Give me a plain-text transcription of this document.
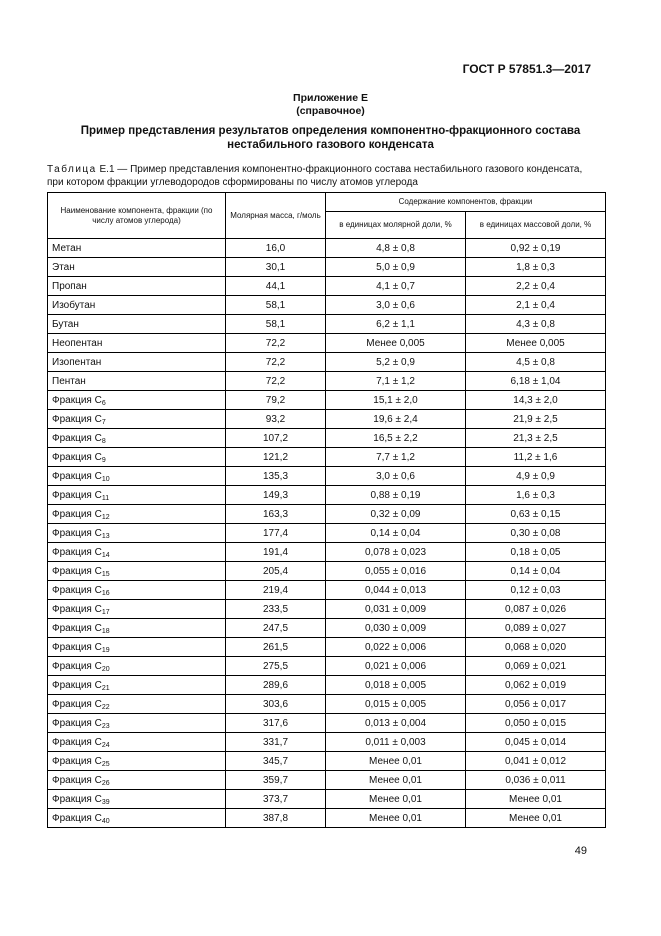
ГОСТ Р 57851.3—2017
Приложение Е
(справочное)
Пример представления результатов определения компонентно-фракционного состава
нестабильного газового конденсата
Таблица Е.1 — Пример представления компонентно-фракционного состава нестабильного газового конденсата,
при котором фракции углеводородов сформированы по числу атомов углерода
Наименование компонента, фракции (по числу атомов углерода)	Молярная масса, г/моль	Содержание компонентов, фракции	
		в единицах молярной доли, %	в единицах массовой доли, %
Метан	16,0	4,8 ± 0,8	0,92 ± 0,19
Этан	30,1	5,0 ± 0,9	1,8 ± 0,3
Пропан	44,1	4,1 ± 0,7	2,2 ± 0,4
Изобутан	58,1	3,0 ± 0,6	2,1 ± 0,4
Бутан	58,1	6,2 ± 1,1	4,3 ± 0,8
Неопентан	72,2	Менее 0,005	Менее 0,005
Изопентан	72,2	5,2 ± 0,9	4,5 ± 0,8
Пентан	72,2	7,1 ± 1,2	6,18 ± 1,04
Фракция $C_6$	79,2	15,1 ± 2,0	14,3 ± 2,0
Фракция $C_7$	93,2	19,6 ± 2,4	21,9 ± 2,5
Фракция $C_8$	107,2	16,5 ± 2,2	21,3 ± 2,5
Фракция $C_9$	121,2	7,7 ± 1,2	11,2 ± 1,6
Фракция $C_{10}$	135,3	3,0 ± 0,6	4,9 ± 0,9
Фракция $C_{11}$	149,3	0,88 ± 0,19	1,6 ± 0,3
Фракция $C_{12}$	163,3	0,32 ± 0,09	0,63 ± 0,15
Фракция $C_{13}$	177,4	0,14 ± 0,04	0,30 ± 0,08
Фракция $C_{14}$	191,4	0,078 ± 0,023	0,18 ± 0,05
Фракция $C_{15}$	205,4	0,055 ± 0,016	0,14 ± 0,04
Фракция $C_{16}$	219,4	0,044 ± 0,013	0,12 ± 0,03
Фракция $C_{17}$	233,5	0,031 ± 0,009	0,087 ± 0,026
Фракция $C_{18}$	247,5	0,030 ± 0,009	0,089 ± 0,027
Фракция $C_{19}$	261,5	0,022 ± 0,006	0,068 ± 0,020
Фракция $C_{20}$	275,5	0,021 ± 0,006	0,069 ± 0,021
Фракция $C_{21}$	289,6	0,018 ± 0,005	0,062 ± 0,019
Фракция $C_{22}$	303,6	0,015 ± 0,005	0,056 ± 0,017
Фракция $C_{23}$	317,6	0,013 ± 0,004	0,050 ± 0,015
Фракция $C_{24}$	331,7	0,011 ± 0,003	0,045 ± 0,014
Фракция $C_{25}$	345,7	Менее 0,01	0,041 ± 0,012
Фракция $C_{26}$	359,7	Менее 0,01	0,036 ± 0,011
Фракция $C_{39}$	373,7	Менее 0,01	Менее 0,01
Фракция $C_{40}$	387,8	Менее 0,01	Менее 0,01
49
